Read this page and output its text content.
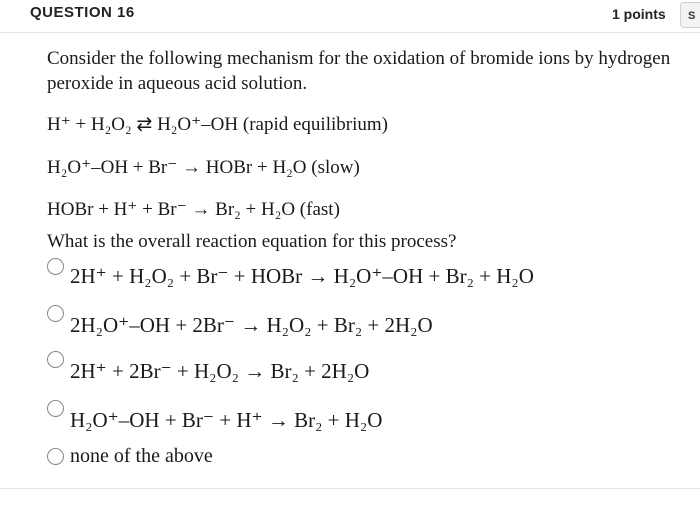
QUESTION 16	1 points	S

Consider the following mechanism for the oxidation of bromide ions by hydrogen peroxide in aqueous acid solution.

H⁺ + H₂O₂ ⇄ H₂O⁺–OH (rapid equilibrium)
H₂O⁺–OH + Br⁻ → HOBr + H₂O (slow)
HOBr + H⁺ + Br⁻ → Br₂ + H₂O (fast)
What is the overall reaction equation for this process?
2H⁺ + H₂O₂ + Br⁻ + HOBr → H₂O⁺–OH + Br₂ + H₂O
2H₂O⁺–OH + 2Br⁻ → H₂O₂ + Br₂ + 2H₂O
2H⁺ + 2Br⁻ + H₂O₂ → Br₂ + 2H₂O
H₂O⁺–OH + Br⁻ + H⁺ → Br₂ + H₂O
none of the above
